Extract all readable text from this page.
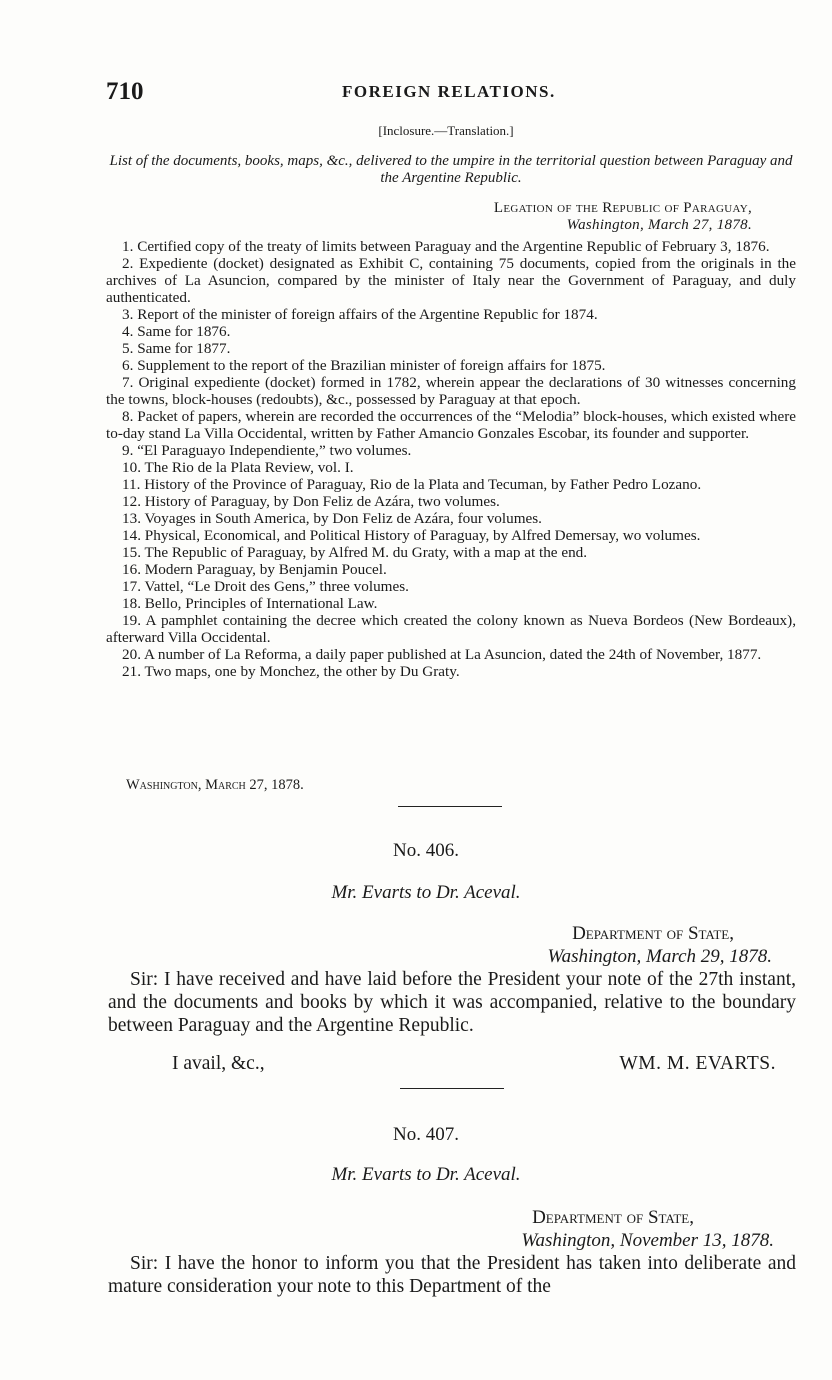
710	FOREIGN RELATIONS.
[Inclosure.—Translation.]
List of the documents, books, maps, &c., delivered to the umpire in the territorial question between Paraguay and the Argentine Republic.
Legation of the Republic of Paraguay,
Washington, March 27, 1878.
1. Certified copy of the treaty of limits between Paraguay and the Argentine Republic of February 3, 1876.
2. Expediente (docket) designated as Exhibit C, containing 75 documents, copied from the originals in the archives of La Asuncion, compared by the minister of Italy near the Government of Paraguay, and duly authenticated.
3. Report of the minister of foreign affairs of the Argentine Republic for 1874.
4. Same for 1876.
5. Same for 1877.
6. Supplement to the report of the Brazilian minister of foreign affairs for 1875.
7. Original expediente (docket) formed in 1782, wherein appear the declarations of 30 witnesses concerning the towns, block-houses (redoubts), &c., possessed by Paraguay at that epoch.
8. Packet of papers, wherein are recorded the occurrences of the “Melodia” block-houses, which existed where to-day stand La Villa Occidental, written by Father Amancio Gonzales Escobar, its founder and supporter.
9. “El Paraguayo Independiente,” two volumes.
10. The Rio de la Plata Review, vol. I.
11. History of the Province of Paraguay, Rio de la Plata and Tecuman, by Father Pedro Lozano.
12. History of Paraguay, by Don Feliz de Azára, two volumes.
13. Voyages in South America, by Don Feliz de Azára, four volumes.
14. Physical, Economical, and Political History of Paraguay, by Alfred Demersay, wo volumes.
15. The Republic of Paraguay, by Alfred M. du Graty, with a map at the end.
16. Modern Paraguay, by Benjamin Poucel.
17. Vattel, “Le Droit des Gens,” three volumes.
18. Bello, Principles of International Law.
19. A pamphlet containing the decree which created the colony known as Nueva Bordeos (New Bordeaux), afterward Villa Occidental.
20. A number of La Reforma, a daily paper published at La Asuncion, dated the 24th of November, 1877.
21. Two maps, one by Monchez, the other by Du Graty.
Washington, March 27, 1878.
No. 406.
Mr. Evarts to Dr. Aceval.
Department of State,
Washington, March 29, 1878.

Sir: I have received and have laid before the President your note of the 27th instant, and the documents and books by which it was accompanied, relative to the boundary between Paraguay and the Argentine Republic.

I avail, &c.,	WM. M. EVARTS.
No. 407.
Mr. Evarts to Dr. Aceval.
Department of State,
Washington, November 13, 1878.

Sir: I have the honor to inform you that the President has taken into deliberate and mature consideration your note to this Department of the
